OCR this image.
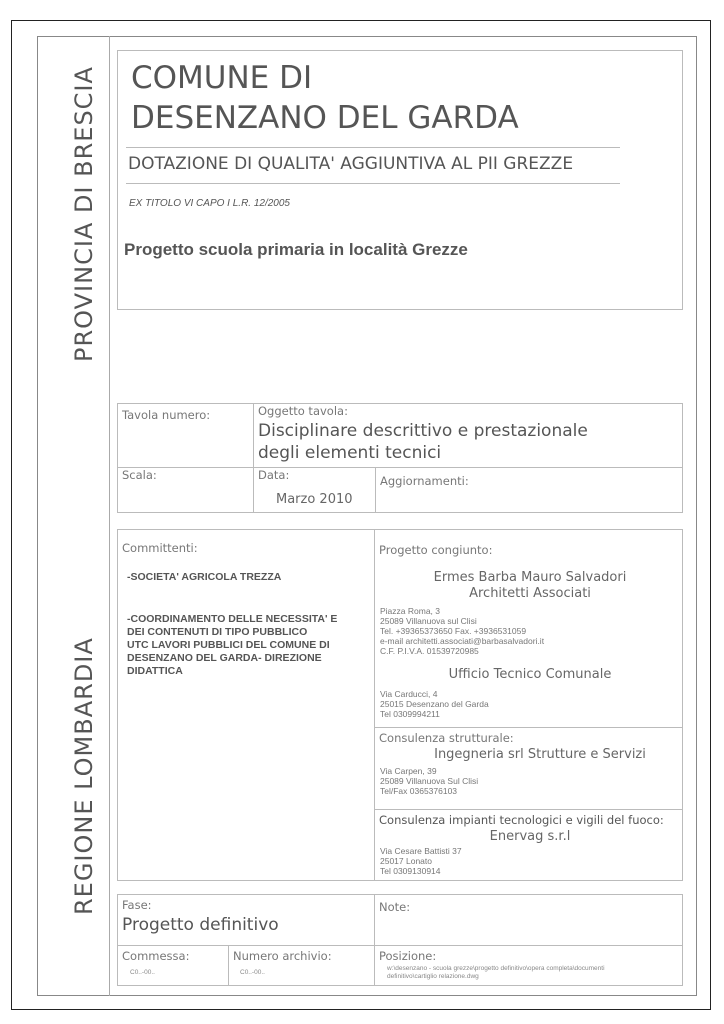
PROVINCIA DI BRESCIA
REGIONE LOMBARDIA
COMUNE DI
DESENZANO DEL GARDA
DOTAZIONE DI QUALITA' AGGIUNTIVA AL PII GREZZE
EX TITOLO VI CAPO I L.R. 12/2005
Progetto scuola primaria in località Grezze
Tavola numero:	Oggetto tavola:
Disciplinare descrittivo e prestazionale
degli elementi tecnici
Scala:	Data:
Marzo 2010
Aggiornamenti:
Committenti:
-SOCIETA' AGRICOLA TREZZA
-COORDINAMENTO DELLE NECESSITA' E
DEI CONTENUTI DI TIPO PUBBLICO
UTC LAVORI PUBBLICI DEL COMUNE DI
DESENZANO DEL GARDA- DIREZIONE
DIDATTICA
Progetto congiunto:
Ermes Barba Mauro Salvadori
Architetti Associati
Piazza Roma, 3
25089 Villanuova sul Clisi
Tel. +39365373650 Fax. +3936531059
e-mail architetti.associati@barbasalvadori.it
C.F. P.I.V.A. 01539720985
Ufficio Tecnico Comunale
Via Carducci, 4
25015 Desenzano del Garda
Tel 0309994211
Consulenza strutturale:
Ingegneria srl Strutture e Servizi
Via Carpen, 39
25089 Villanuova Sul Clisi
Tel/Fax 0365376103
Consulenza impianti tecnologici e vigili del fuoco:
Enervag s.r.l
Via Cesare Battisti 37
25017 Lonato
Tel 0309130914
Fase:
Progetto definitivo
Note:
Commessa:
C0..-00..
Numero archivio:
C0..-00..
Posizione:
w:\desenzano - scuola grezze\progetto definitivo\opera completa\documenti
definitivo\cartiglio relazione.dwg
